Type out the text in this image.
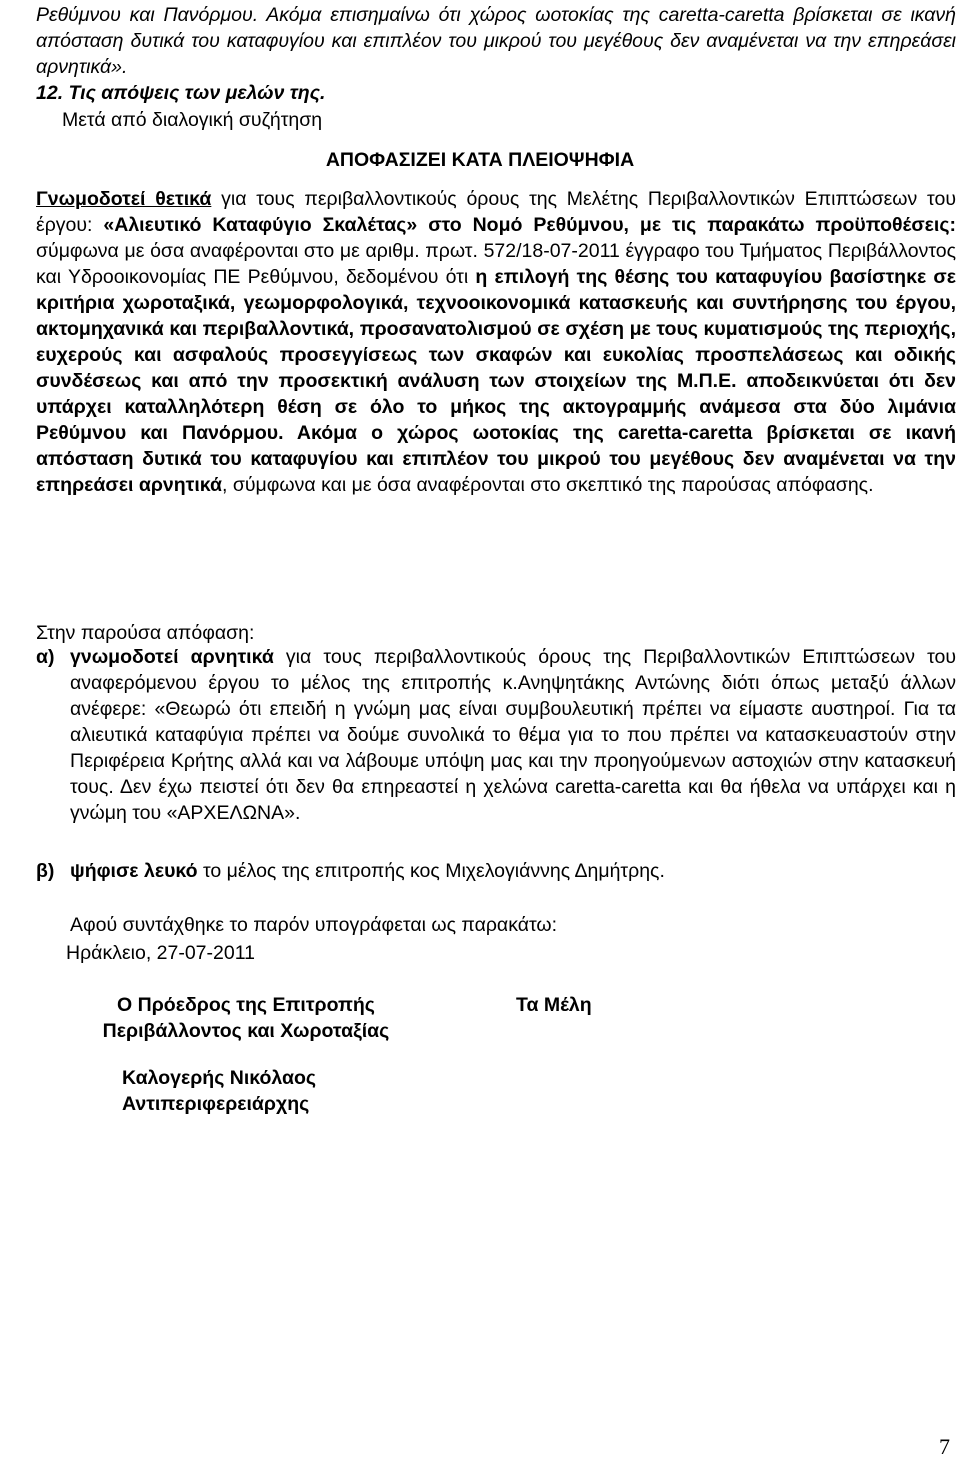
Ρεθύμνου και Πανόρμου. Ακόμα επισημαίνω ότι χώρος ωοτοκίας της caretta-caretta βρίσκεται σε ικανή απόσταση δυτικά του καταφυγίου και επιπλέον του μικρού του μεγέθους δεν αναμένεται να την επηρεάσει αρνητικά».
12. Τις απόψεις των μελών της.
Μετά από διαλογική συζήτηση
ΑΠΟΦΑΣΙΖΕΙ ΚΑΤΑ ΠΛΕΙΟΨΗΦΙΑ
Γνωμοδοτεί θετικά για τους περιβαλλοντικούς όρους της Μελέτης Περιβαλλοντικών Επιπτώσεων του έργου: «Αλιευτικό Καταφύγιο Σκαλέτας» στο Νομό Ρεθύμνου, με τις παρακάτω προϋποθέσεις: σύμφωνα με όσα αναφέρονται στο με αριθμ. πρωτ. 572/18-07-2011 έγγραφο του Τμήματος Περιβάλλοντος και Υδροοικονομίας ΠΕ Ρεθύμνου, δεδομένου ότι η επιλογή της θέσης του καταφυγίου βασίστηκε σε κριτήρια χωροταξικά, γεωμορφολογικά, τεχνοοικονομικά κατασκευής και συντήρησης του έργου, ακτομηχανικά και περιβαλλοντικά, προσανατολισμού σε σχέση με τους κυματισμούς της περιοχής, ευχερούς και ασφαλούς προσεγγίσεως των σκαφών και ευκολίας προσπελάσεως και οδικής συνδέσεως και από την προσεκτική ανάλυση των στοιχείων της Μ.Π.Ε. αποδεικνύεται ότι δεν υπάρχει καταλληλότερη θέση σε όλο το μήκος της ακτογραμμής ανάμεσα στα δύο λιμάνια Ρεθύμνου και Πανόρμου. Ακόμα ο χώρος ωοτοκίας της caretta-caretta βρίσκεται σε ικανή απόσταση δυτικά του καταφυγίου και επιπλέον του μικρού του μεγέθους δεν αναμένεται να την επηρεάσει αρνητικά, σύμφωνα και με όσα αναφέρονται στο σκεπτικό της παρούσας απόφασης.
Στην παρούσα απόφαση:
α) γνωμοδοτεί αρνητικά για τους περιβαλλοντικούς όρους της Περιβαλλοντικών Επιπτώσεων του αναφερόμενου έργου το μέλος της επιτροπής κ.Ανηψητάκης Αντώνης διότι όπως μεταξύ άλλων ανέφερε: «Θεωρώ ότι επειδή η γνώμη μας είναι συμβουλευτική πρέπει να είμαστε αυστηροί. Για τα αλιευτικά καταφύγια πρέπει να δούμε συνολικά το θέμα για το που πρέπει να κατασκευαστούν στην Περιφέρεια Κρήτης αλλά και να λάβουμε υπόψη μας και την προηγούμενων αστοχιών στην κατασκευή τους. Δεν έχω πειστεί ότι δεν θα επηρεαστεί η χελώνα caretta-caretta και θα ήθελα να υπάρχει και η γνώμη του «ΑΡΧΕΛΩΝΑ».
β) ψήφισε λευκό το μέλος της επιτροπής κος Μιχελογιάννης Δημήτρης.
Αφού συντάχθηκε το παρόν υπογράφεται ως παρακάτω:
Ηράκλειο, 27-07-2011
Ο Πρόεδρος της Επιτροπής
Περιβάλλοντος και Χωροταξίας
Τα Μέλη
Καλογερής Νικόλαος
Αντιπεριφερειάρχης
7
